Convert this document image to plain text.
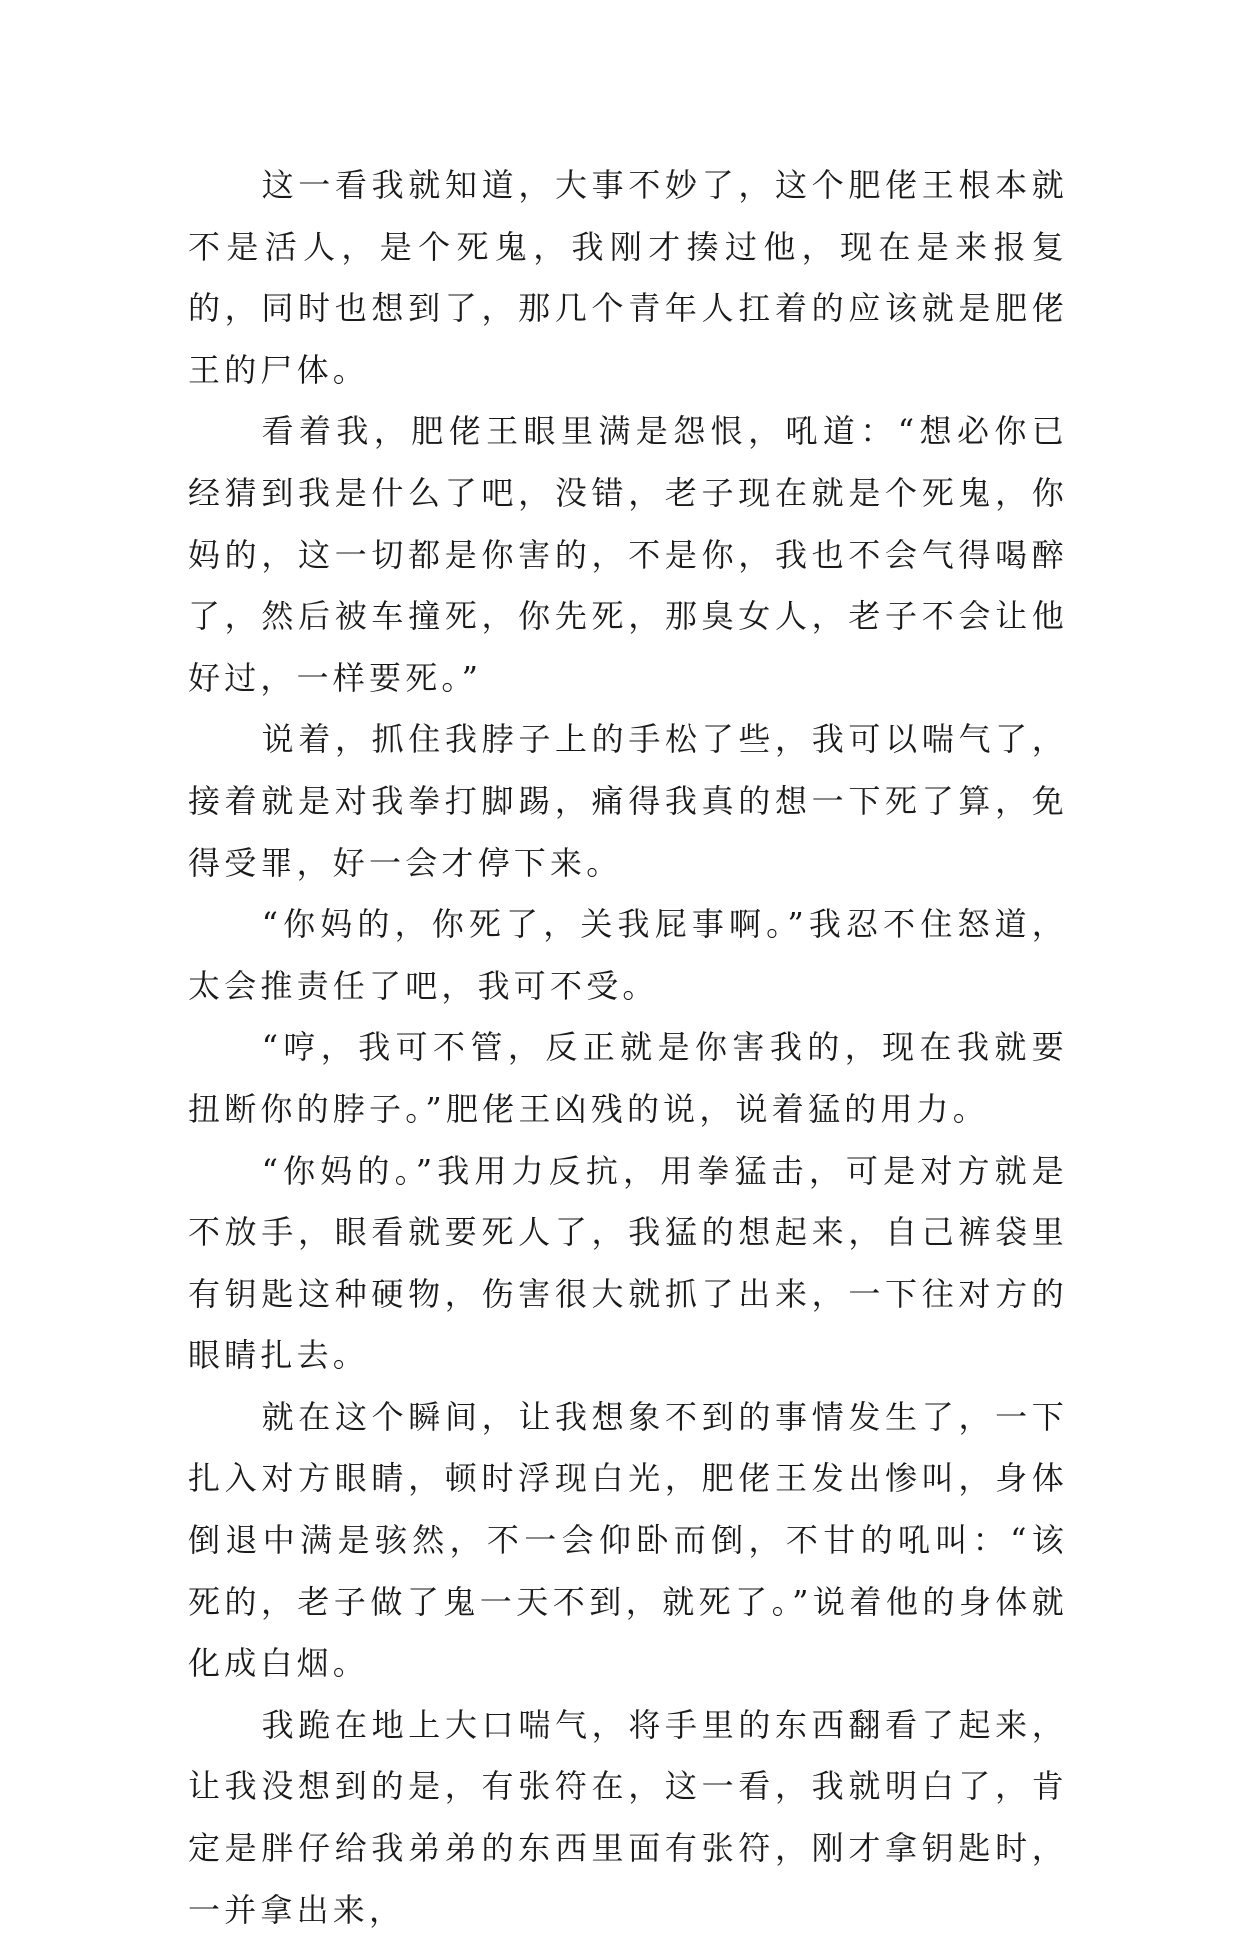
这一看我就知道，大事不妙了，这个肥佬王根本就不是活人，是个死鬼，我刚才揍过他，现在是来报复的，同时也想到了，那几个青年人扛着的应该就是肥佬王的尸体。

看着我，肥佬王眼里满是怨恨，吼道：“想必你已经猜到我是什么了吧，没错，老子现在就是个死鬼，你妈的，这一切都是你害的，不是你，我也不会气得喝醉了，然后被车撞死，你先死，那臭女人，老子不会让他好过，一样要死。”

说着，抓住我脖子上的手松了些，我可以喘气了，接着就是对我拳打脚踢，痛得我真的想一下死了算，免得受罪，好一会才停下来。

“你妈的，你死了，关我屁事啊。”我忍不住怒道，太会推责任了吧，我可不受。

“哼，我可不管，反正就是你害我的，现在我就要扭断你的脖子。”肥佬王凶残的说，说着猛的用力。

“你妈的。”我用力反抗，用拳猛击，可是对方就是不放手，眼看就要死人了，我猛的想起来，自己裤袋里有钥匙这种硬物，伤害很大就抓了出来，一下往对方的眼睛扎去。

就在这个瞬间，让我想象不到的事情发生了，一下扎入对方眼睛，顿时浮现白光，肥佬王发出惨叫，身体倒退中满是骇然，不一会仰卧而倒，不甘的吼叫：“该死的，老子做了鬼一天不到，就死了。”说着他的身体就化成白烟。

我跪在地上大口喘气，将手里的东西翻看了起来，让我没想到的是，有张符在，这一看，我就明白了，肯定是胖仔给我弟弟的东西里面有张符，刚才拿钥匙时，一并拿出来，
